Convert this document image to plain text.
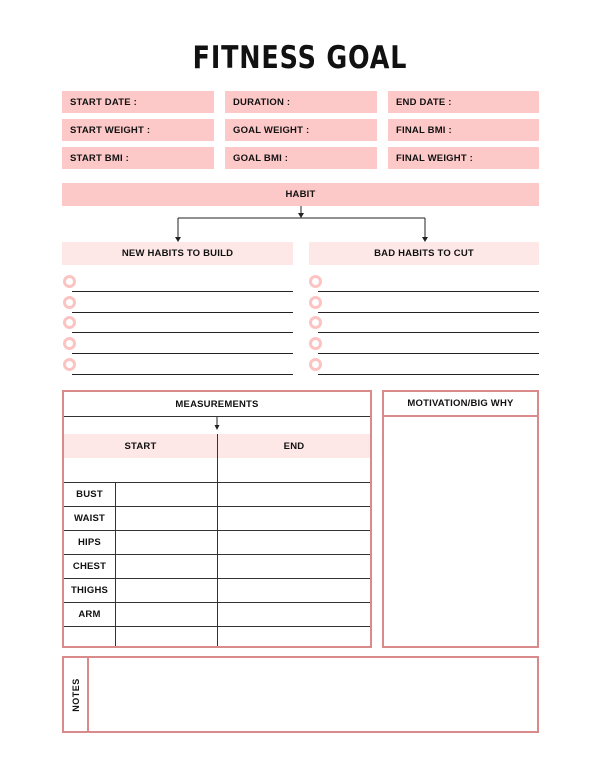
FITNESS GOAL
START DATE :	DURATION :	END DATE :
START WEIGHT :	GOAL WEIGHT :	FINAL BMI :
START BMI :	GOAL BMI :	FINAL WEIGHT :
HABIT
NEW HABITS TO BUILD	BAD HABITS TO CUT
MEASUREMENTS
START	END
BUST
WAIST
HIPS
CHEST
THIGHS
ARM
MOTIVATION/BIG WHY
NOTES
